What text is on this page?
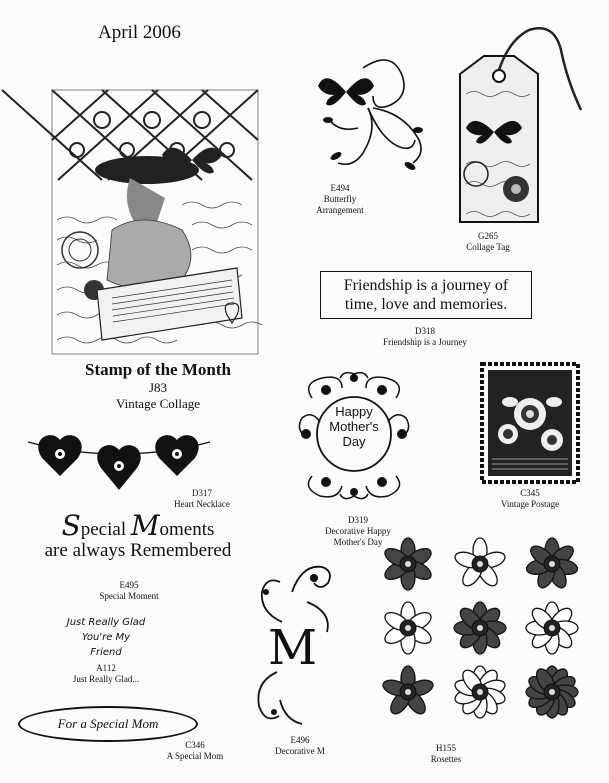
April 2006
Stamp of the Month
J83
Vintage Collage
E494
Butterfly Arrangement
G265
Collage Tag
Friendship is a journey of
time, love and memories.
D318
Friendship is a Journey
Happy
Mother's
Day
D319
Decorative Happy
Mother's Day
C345
Vintage Postage
D317
Heart Necklace
Special Moments
are always Remembered
E495
Special Moment
Just Really Glad
You're My
Friend
A112
Just Really Glad...
For a Special Mom
C346
A Special Mom
M
E496
Decorative M	H155
Rosettes
